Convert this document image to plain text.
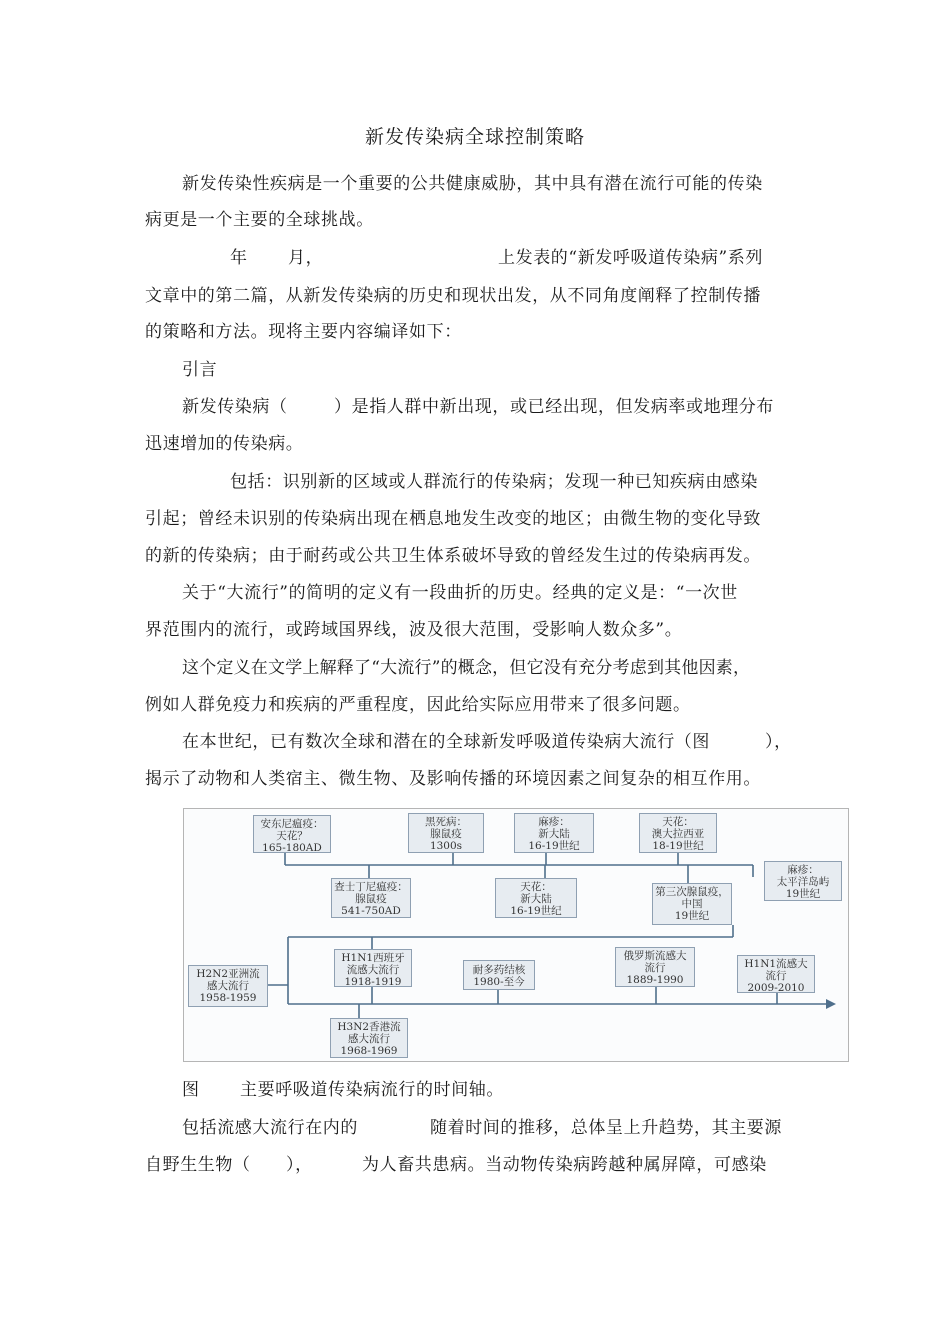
新发传染病全球控制策略
新发传染性疾病是一个重要的公共健康威胁，其中具有潜在流行可能的传染
病更是一个主要的全球挑战。
年 月，	上发表的“新发呼吸道传染病”系列
文章中的第二篇，从新发传染病的历史和现状出发，从不同角度阐释了控制传播
的策略和方法。现将主要内容编译如下：
引言
新发传染病（	）是指人群中新出现，或已经出现，但发病率或地理分布
迅速增加的传染病。
包括：识别新的区域或人群流行的传染病；发现一种已知疾病由感染
引起；曾经未识别的传染病出现在栖息地发生改变的地区；由微生物的变化导致
的新的传染病；由于耐药或公共卫生体系破坏导致的曾经发生过的传染病再发。
关于“大流行”的简明的定义有一段曲折的历史。经典的定义是：“一次世
界范围内的流行，或跨域国界线，波及很大范围，受影响人数众多”。
这个定义在文学上解释了“大流行”的概念，但它没有充分考虑到其他因素，
例如人群免疫力和疾病的严重程度，因此给实际应用带来了很多问题。
在本世纪，已有数次全球和潜在的全球新发呼吸道传染病大流行（图	），
揭示了动物和人类宿主、微生物、及影响传播的环境因素之间复杂的相互作用。
安东尼瘟疫：
天花？
165-180AD
黑死病：
腺鼠疫
1300s
麻疹：
新大陆
16-19世纪
天花：
澳大拉西亚
18-19世纪
麻疹：
太平洋岛屿
19世纪
查士丁尼瘟疫：
腺鼠疫
541-750AD
天花：
新大陆
16-19世纪
第三次腺鼠疫，
中国
19世纪
H2N2亚洲流
感大流行
1958-1959
H1N1西班牙
流感大流行
1918-1919
耐多药结核
1980-至今
俄罗斯流感大
流行
1889-1990
H1N1流感大
流行
2009-2010
H3N2香港流
感大流行
1968-1969
图 主要呼吸道传染病流行的时间轴。
包括流感大流行在内的	随着时间的推移，总体呈上升趋势，其主要源
自野生生物（ ），	为人畜共患病。当动物传染病跨越种属屏障，可感染
